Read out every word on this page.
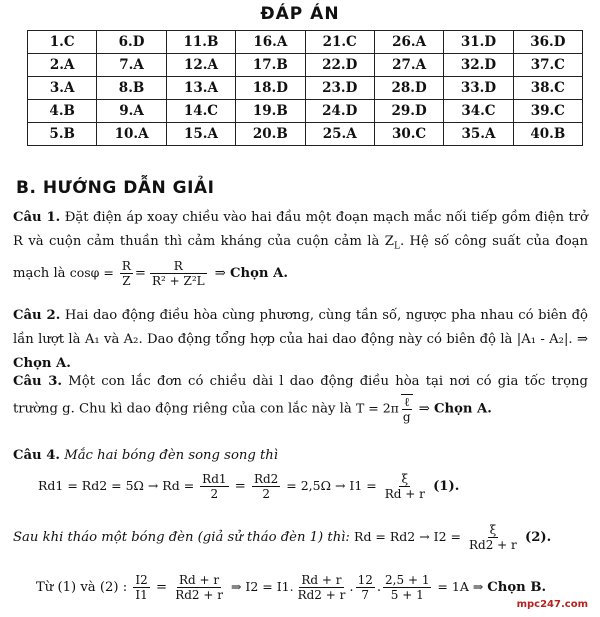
ĐÁP ÁN
1.C	6.D	11.B	16.A	21.C	26.A	31.D	36.D
2.A	7.A	12.A	17.B	22.D	27.A	32.D	37.C
3.A	8.B	13.A	18.D	23.D	28.D	33.D	38.C
4.B	9.A	14.C	19.B	24.D	29.D	34.C	39.C
5.B	10.A	15.A	20.B	25.A	30.C	35.A	40.B
B. HƯỚNG DẪN GIẢI
Câu 1. Đặt điện áp xoay chiều vào hai đầu một đoạn mạch mắc nối tiếp gồm điện trở R và cuộn cảm thuần thì cảm kháng của cuộn cảm là $Z_L$. Hệ số công suất của đoạn mạch là $\cos\varphi = \frac{R}{Z} = \frac{R}{\text{R² + Z²L}}$ ⇒ Chọn A.
Câu 2. Hai dao động điều hòa cùng phương, cùng tần số, ngược pha nhau có biên độ lần lượt là A₁ và A₂. Dao động tổng hợp của hai dao động này có biên độ là |A₁ - A₂|. ⇒ Chọn A.
Câu 3. Một con lắc đơn có chiều dài l dao động điều hòa tại nơi có gia tốc trọng trường g. Chu kì dao động riêng của con lắc này là $T = 2\pi \frac{\text{ℓ}}{g}$ ⇒ Chọn A.
Câu 4. Mắc hai bóng đèn song song thì
$Rd1 = Rd2 = 5\Omega \to Rd = \frac{Rd1}{2} = \frac{Rd2}{2} = 2,5\Omega \to I1 = \frac{\xi}{Rd + r} (1)$.
Sau khi tháo một bóng đèn (giả sử tháo đèn 1) thì: $Rd = Rd2 \to I2 = \frac{\xi}{Rd2 + r} (2)$.
Từ (1) và (2) : $\frac{I2}{I1} = \frac{Rd + r}{Rd2 + r}$ ⇒ I2 = I1. $\frac{Rd + r}{Rd2 + r}$ . $\frac{12}{7}$ . $\frac{2,5 + 1}{5 + 1} = 1A$ ⇒ Chọn B.
mpc247.com
